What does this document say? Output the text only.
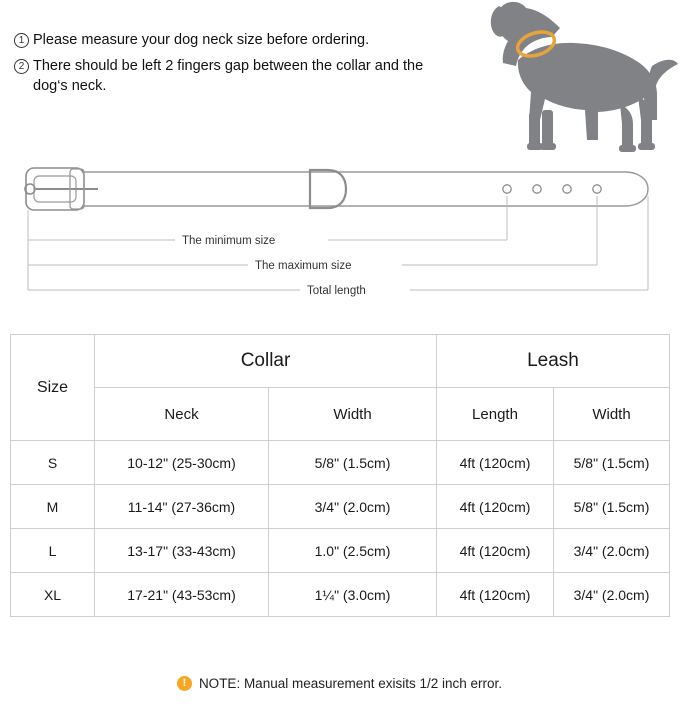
1 Please measure your dog neck size before ordering.
2 There should be left 2 fingers gap between the collar and the dog‘s neck.
The minimum size
The maximum size
Total length
Size	Collar		Leash	
	Neck	Width	Length	Width
S	10-12" (25-30cm)	5/8" (1.5cm)	4ft (120cm)	5/8" (1.5cm)
M	11-14" (27-36cm)	3/4" (2.0cm)	4ft (120cm)	5/8" (1.5cm)
L	13-17" (33-43cm)	1.0" (2.5cm)	4ft (120cm)	3/4" (2.0cm)
XL	17-21" (43-53cm)	1¼" (3.0cm)	4ft (120cm)	3/4" (2.0cm)
! NOTE: Manual measurement exisits 1/2 inch error.
